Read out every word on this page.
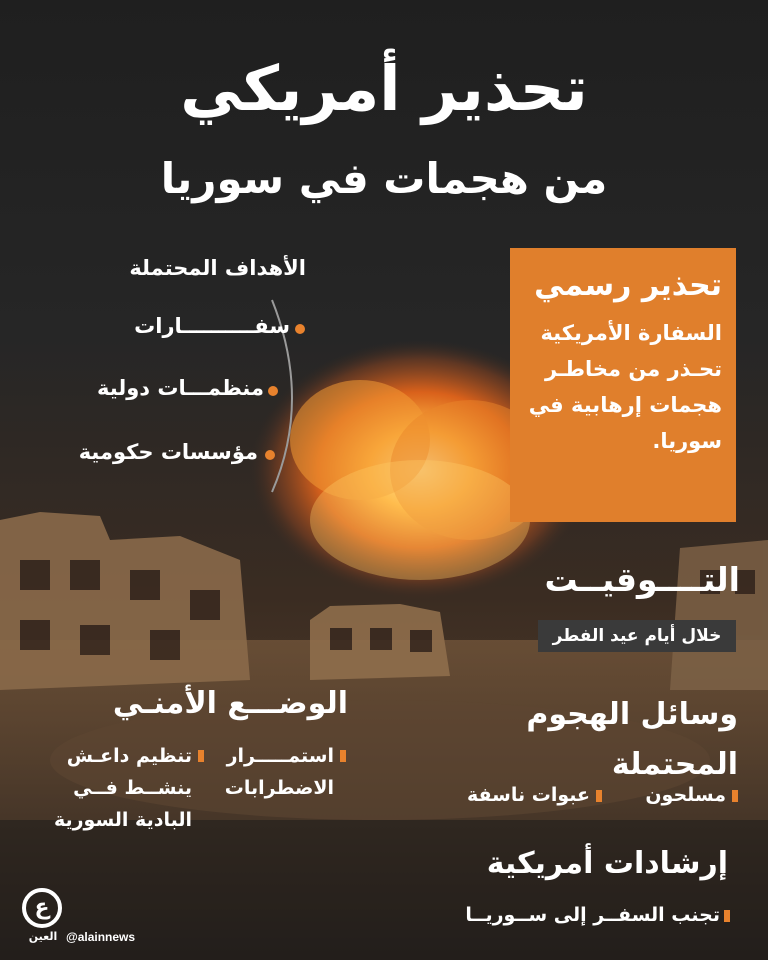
تحذير أمريكي
من هجمات في سوريا
الأهداف المحتملة
سفــــــــــارات
منظمـــات دولية
مؤسسات حكومية
تحذير رسمي
السفارة الأمريكية
تحـذر من مخاطـر
هجمات إرهابية في
سوريا.
التــــوقيــت
خلال أيام عيد الفطر
الوضـــع الأمنـي
استمـــــرار
الاضطرابات
تنظيم داعـش
ينشــط فــي
البادية السورية
وسائل الهجوم
المحتملة
مسلحون
عبوات ناسفة
إرشادات أمريكية
تجنب السفــر إلى ســوريــا
ع
العين @alainnews
